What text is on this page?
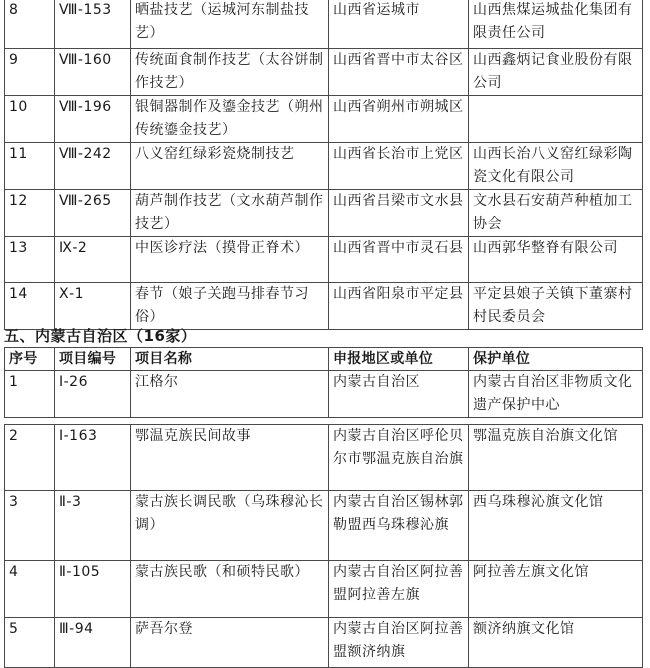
8	Ⅷ-153	晒盐技艺（运城河东制盐技艺）	山西省运城市	山西焦煤运城盐化集团有限责任公司
9	Ⅷ-160	传统面食制作技艺（太谷饼制作技艺）	山西省晋中市太谷区	山西鑫炳记食业股份有限公司
10	Ⅷ-196	银铜器制作及鎏金技艺（朔州传统鎏金技艺）	山西省朔州市朔城区	
11	Ⅷ-242	八义窑红绿彩瓷烧制技艺	山西省长治市上党区	山西长治八义窑红绿彩陶瓷文化有限公司
12	Ⅷ-265	葫芦制作技艺（文水葫芦制作技艺）	山西省吕梁市文水县	文水县石安葫芦种植加工协会
13	Ⅸ-2	中医诊疗法（摸骨正脊术）	山西省晋中市灵石县	山西郭华整脊有限公司
14	Ⅹ-1	春节（娘子关跑马排春节习俗）	山西省阳泉市平定县	平定县娘子关镇下董寨村村民委员会
五、内蒙古自治区（16家）
序号	项目编号	项目名称	申报地区或单位	保护单位
1	Ⅰ-26	江格尔	内蒙古自治区	内蒙古自治区非物质文化遗产保护中心
2	Ⅰ-163	鄂温克族民间故事	内蒙古自治区呼伦贝尔市鄂温克族自治旗	鄂温克族自治旗文化馆
3	Ⅱ-3	蒙古族长调民歌（乌珠穆沁长调）	内蒙古自治区锡林郭勒盟西乌珠穆沁旗	西乌珠穆沁旗文化馆
4	Ⅱ-105	蒙古族民歌（和硕特民歌）	内蒙古自治区阿拉善盟阿拉善左旗	阿拉善左旗文化馆
5	Ⅲ-94	萨吾尔登	内蒙古自治区阿拉善盟额济纳旗	额济纳旗文化馆
